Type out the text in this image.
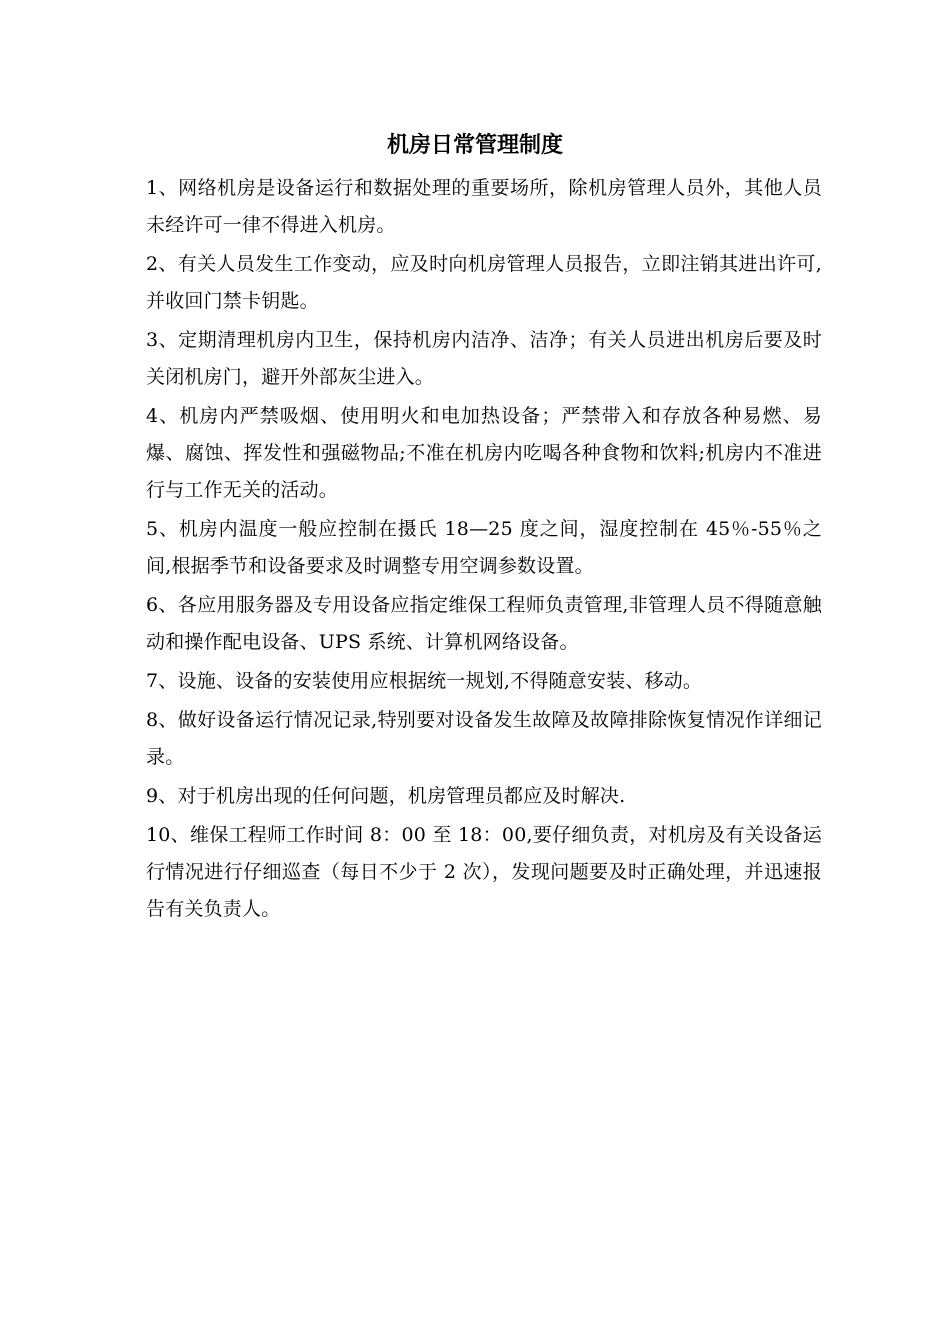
机房日常管理制度

1、网络机房是设备运行和数据处理的重要场所，除机房管理人员外，其他人员未经许可一律不得进入机房。

2、有关人员发生工作变动，应及时向机房管理人员报告，立即注销其进出许可,并收回门禁卡钥匙。

3、定期清理机房内卫生，保持机房内洁净、洁净；有关人员进出机房后要及时关闭机房门，避开外部灰尘进入。

4、机房内严禁吸烟、使用明火和电加热设备；严禁带入和存放各种易燃、易爆、腐蚀、挥发性和强磁物品;不准在机房内吃喝各种食物和饮料;机房内不准进行与工作无关的活动。

5、机房内温度一般应控制在摄氏 18—25 度之间，湿度控制在 45％-55％之间,根据季节和设备要求及时调整专用空调参数设置。

6、各应用服务器及专用设备应指定维保工程师负责管理,非管理人员不得随意触动和操作配电设备、UPS 系统、计算机网络设备。

7、设施、设备的安装使用应根据统一规划,不得随意安装、移动。

8、做好设备运行情况记录,特别要对设备发生故障及故障排除恢复情况作详细记录。

9、对于机房出现的任何问题，机房管理员都应及时解决.

10、维保工程师工作时间 8：00 至 18：00,要仔细负责，对机房及有关设备运行情况进行仔细巡查（每日不少于 2 次），发现问题要及时正确处理，并迅速报告有关负责人。
